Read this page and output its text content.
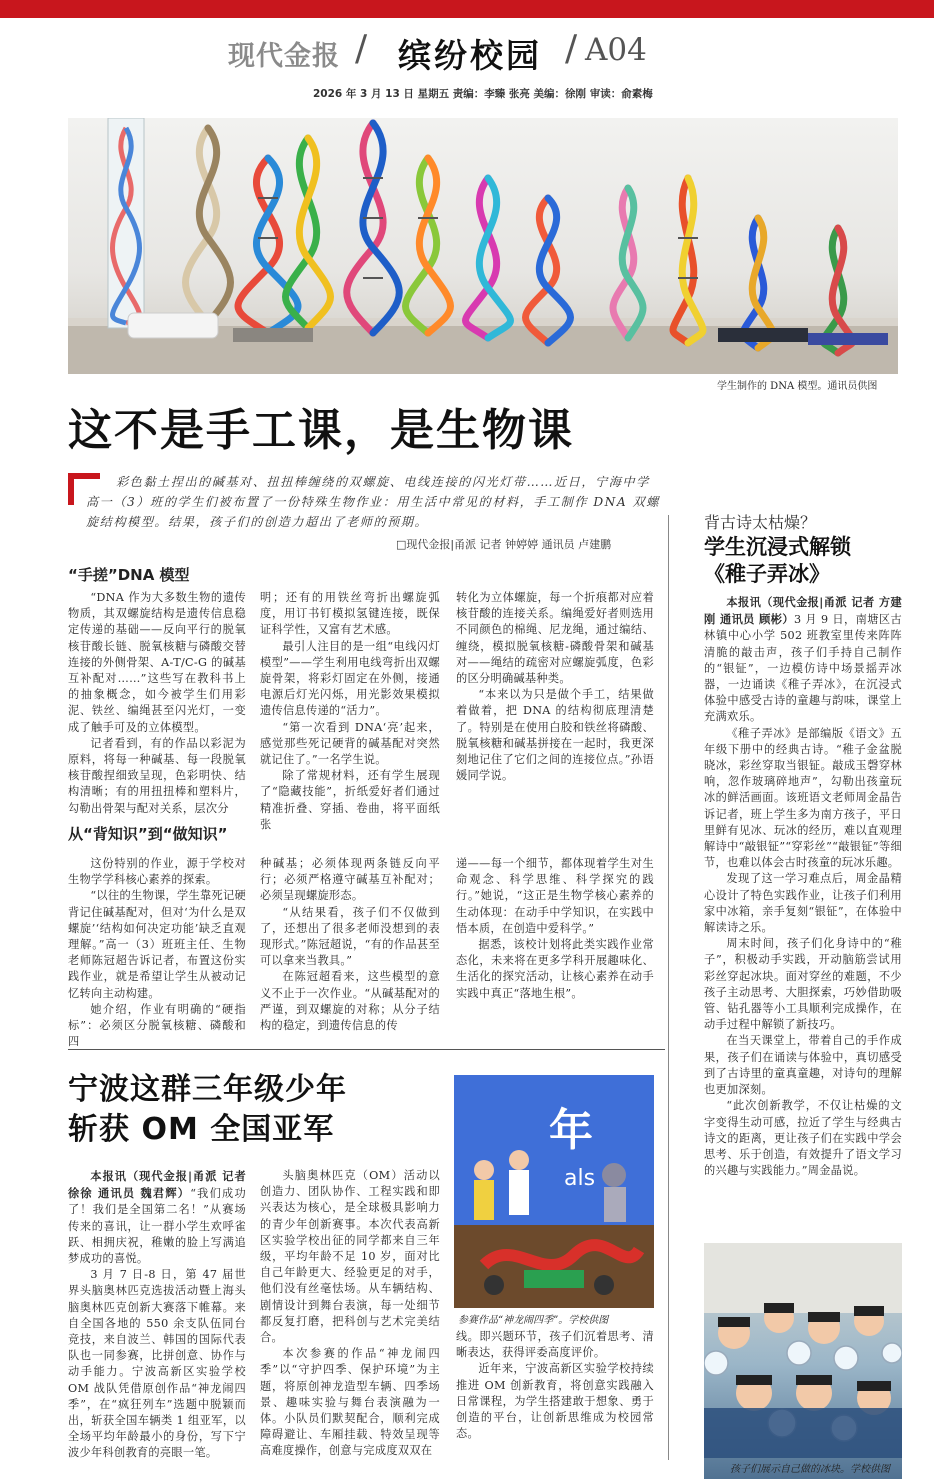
现代金报 / 缤纷校园 / A04
2026 年 3 月 13 日 星期五 责编：李臻 张亮 美编：徐刚 审读：俞素梅
学生制作的 DNA 模型。通讯员供图
这不是手工课，是生物课
彩色黏土捏出的碱基对、扭扭棒缠绕的双螺旋、电线连接的闪光灯带……近日，宁海中学高一（3）班的学生们被布置了一份特殊生物作业：用生活中常见的材料，手工制作 DNA 双螺旋结构模型。结果，孩子们的创造力超出了老师的预期。
□现代金报|甬派 记者 钟婷婷 通讯员 卢建鹏
“手搓”DNA 模型

“DNA 作为大多数生物的遗传物质，其双螺旋结构是遗传信息稳定传递的基础——反向平行的脱氧核苷酸长链、脱氧核糖与磷酸交替连接的外侧骨架、A-T/C-G 的碱基互补配对……”这些写在教科书上的抽象概念，如今被学生们用彩泥、铁丝、编绳甚至闪光灯，一变成了触手可及的立体模型。

记者看到，有的作品以彩泥为原料，将每一种碱基、每一段脱氧核苷酸捏细致呈现，色彩明快、结构清晰；有的用扭扭棒和塑料片，勾勒出骨架与配对关系，层次分

明；还有的用铁丝弯折出螺旋弧度，用订书钉模拟氢键连接，既保证科学性，又富有艺术感。

最引人注目的是一组“电线闪灯模型”——学生利用电线弯折出双螺旋骨架，将彩灯固定在外侧，接通电源后灯光闪烁，用光影效果模拟遗传信息传递的“活力”。

“第一次看到 DNA‘亮’起来，感觉那些死记硬背的碱基配对突然就记住了。”一名学生说。

除了常规材料，还有学生展现了“隐藏技能”，折纸爱好者们通过精准折叠、穿插、卷曲，将平面纸张

转化为立体螺旋，每一个折痕都对应着核苷酸的连接关系。编绳爱好者则选用不同颜色的棉绳、尼龙绳，通过编结、缠绕，模拟脱氧核糖-磷酸骨架和碱基对——绳结的疏密对应螺旋弧度，色彩的区分明确碱基种类。

“本来以为只是做个手工，结果做着做着，把 DNA 的结构彻底理清楚了。特别是在使用白胶和铁丝将磷酸、脱氧核糖和碱基拼接在一起时，我更深刻地记住了它们之间的连接位点。”孙语媛同学说。

从“背知识”到“做知识”

这份特别的作业，源于学校对生物学学科核心素养的探索。

“以往的生物课，学生靠死记硬背记住碱基配对，但对‘为什么是双螺旋’‘结构如何决定功能’缺乏直观理解。”高一（3）班班主任、生物老师陈冠超告诉记者，布置这份实践作业，就是希望让学生从被动记忆转向主动构建。

她介绍，作业有明确的“硬指标”：必须区分脱氧核糖、磷酸和四

种碱基；必须体现两条链反向平行；必须严格遵守碱基互补配对；必须呈现螺旋形态。

“从结果看，孩子们不仅做到了，还想出了很多老师没想到的表现形式。”陈冠超说，“有的作品甚至可以拿来当教具。”

在陈冠超看来，这些模型的意义不止于一次作业。“从碱基配对的严谨，到双螺旋的对称；从分子结构的稳定，到遗传信息的传

递——每一个细节，都体现着学生对生命观念、科学思维、科学探究的践行。”她说，“这正是生物学核心素养的生动体现：在动手中学知识，在实践中悟本质，在创造中爱科学。”

据悉，该校计划将此类实践作业常态化，未来将在更多学科开展趣味化、生活化的探究活动，让核心素养在动手实践中真正“落地生根”。

背古诗太枯燥？
学生沉浸式解锁
《稚子弄冰》

本报讯（现代金报|甬派 记者 方建刚 通讯员 顾彬）3 月 9 日，南塘区古林镇中心小学 502 班教室里传来阵阵清脆的敲击声，孩子们手持自己制作的“银钲”，一边模仿诗中场景摇弄冰器，一边诵读《稚子弄冰》，在沉浸式体验中感受古诗的童趣与韵味，课堂上充满欢乐。

《稚子弄冰》是部编版《语文》五年级下册中的经典古诗。“稚子金盆脱晓冰，彩丝穿取当银钲。敲成玉磬穿林响，忽作玻璃碎地声”，勾勒出孩童玩冰的鲜活画面。该班语文老师周金晶告诉记者，班上学生多为南方孩子，平日里鲜有见冰、玩冰的经历，难以直观理解诗中“敲银钲”“穿彩丝”“敲银钲”等细节，也难以体会古时孩童的玩冰乐趣。

发现了这一学习难点后，周金晶精心设计了特色实践作业，让孩子们利用家中冰箱，亲手复刻“银钲”，在体验中解读诗之乐。

周末时间，孩子们化身诗中的“稚子”，积极动手实践，开动脑筋尝试用彩丝穿起冰块。面对穿丝的难题，不少孩子主动思考、大胆探索，巧妙借助吸管、钻孔器等小工具顺利完成操作，在动手过程中解锁了新技巧。

在当天课堂上，带着自己的手作成果，孩子们在诵读与体验中，真切感受到了古诗里的童真童趣，对诗句的理解也更加深刻。

“此次创新教学，不仅让枯燥的文字变得生动可感，拉近了学生与经典古诗文的距离，更让孩子们在实践中学会思考、乐于创造，有效提升了语文学习的兴趣与实践能力。”周金晶说。

孩子们展示自己做的冰块。学校供图
宁波这群三年级少年
斩获 OM 全国亚军	年
als
参赛作品“神龙闹四季”。学校供图

本报讯（现代金报|甬派 记者 徐徐 通讯员 魏君辉）“我们成功了！我们是全国第二名！”从赛场传来的喜讯，让一群小学生欢呼雀跃、相拥庆祝，稚嫩的脸上写满追梦成功的喜悦。

3 月 7 日-8 日，第 47 届世界头脑奥林匹克选拔活动暨上海头脑奥林匹克创新大赛落下帷幕。来自全国各地的 550 余支队伍同台竞技，来自波兰、韩国的国际代表队也一同参赛，比拼创意、协作与动手能力。宁波高新区实验学校 OM 战队凭借原创作品“神龙闹四季”，在“疯狂列车”选题中脱颖而出，斩获全国车辆类 1 组亚军，以全场平均年龄最小的身份，写下宁波少年科创教育的亮眼一笔。

头脑奥林匹克（OM）活动以创造力、团队协作、工程实践和即兴表达为核心，是全球极具影响力的青少年创新赛事。本次代表高新区实验学校出征的同学都来自三年级，平均年龄不足 10 岁，面对比自己年龄更大、经验更足的对手，他们没有丝毫怯场。从车辆结构、剧情设计到舞台表演，每一处细节都反复打磨，把科创与艺术完美结合。

本次参赛的作品“神龙闹四季”以“守护四季、保护环境”为主题，将原创神龙造型车辆、四季场景、趣味实验与舞台表演融为一体。小队员们默契配合，顺利完成障碍避让、车厢挂载、特效呈现等高难度操作，创意与完成度双双在

线。即兴题环节，孩子们沉着思考、清晰表达，获得评委高度评价。

近年来，宁波高新区实验学校持续推进 OM 创新教育，将创意实践融入日常课程，为学生搭建敢于想象、勇于创造的平台，让创新思维成为校园常态。
